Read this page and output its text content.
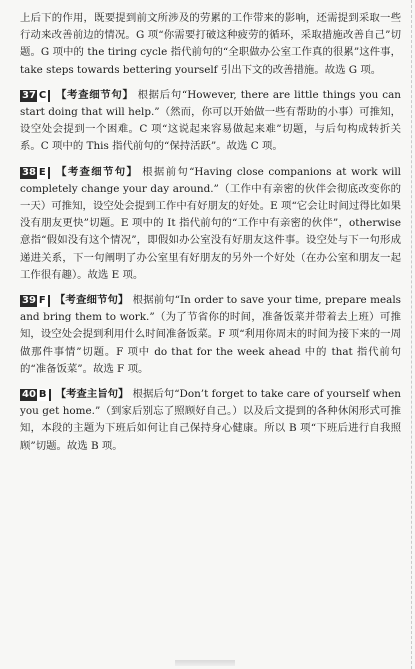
上后下的作用，既要提到前文所涉及的劳累的工作带来的影响，还需提到采取一些行动来改善前边的情况。G 项“你需要打破这种疲劳的循环，采取措施改善自己”切题。G 项中的 the tiring cycle 指代前句的“全职做办公室工作真的很累”这件事，take steps towards bettering yourself 引出下文的改善措施。故选 G 项。

37 C 【考查细节句】 根据后句“However, there are little things you can start doing that will help.”（然而，你可以开始做一些有帮助的小事）可推知，设空处会提到一个困难。C 项“这说起来容易做起来难”切题，与后句构成转折关系。C 项中的 This 指代前句的“保持活跃”。故选 C 项。

38 E 【考查细节句】 根据前句“Having close companions at work will completely change your day around.”（工作中有亲密的伙伴会彻底改变你的一天）可推知，设空处会提到工作中有好朋友的好处。E 项“它会让时间过得比如果没有朋友更快”切题。E 项中的 It 指代前句的“工作中有亲密的伙伴”，otherwise 意指“假如没有这个情况”，即假如办公室没有好朋友这件事。设空处与下一句形成递进关系，下一句阐明了办公室里有好朋友的另外一个好处（在办公室和朋友一起工作很有趣）。故选 E 项。

39 F 【考查细节句】 根据前句“In order to save your time, prepare meals and bring them to work.”（为了节省你的时间，准备饭菜并带着去上班）可推知，设空处会提到利用什么时间准备饭菜。F 项“利用你周末的时间为接下来的一周做那件事情”切题。F 项中 do that for the week ahead 中的 that 指代前句的“准备饭菜”。故选 F 项。

40 B 【考查主旨句】 根据后句“Don’t forget to take care of yourself when you get home.”（到家后别忘了照顾好自己。）以及后文提到的各种休闲形式可推知，本段的主题为下班后如何让自己保持身心健康。所以 B 项“下班后进行自我照顾”切题。故选 B 项。
